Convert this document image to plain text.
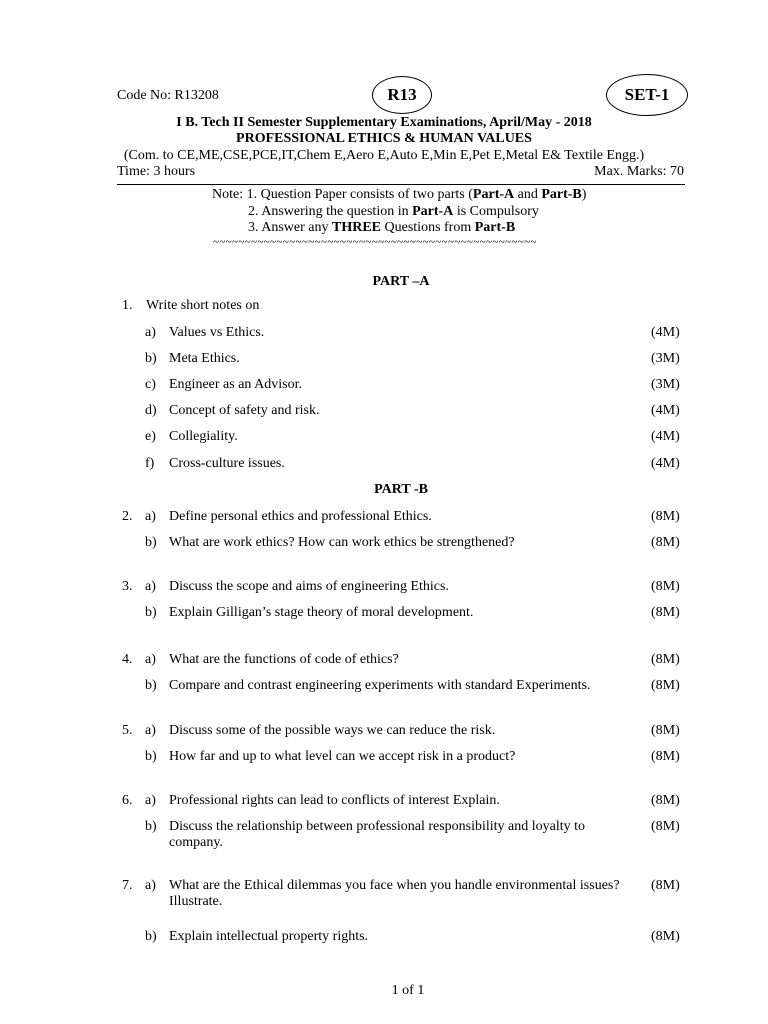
Code No: R13208	R13	SET-1
I B. Tech II Semester Supplementary Examinations, April/May - 2018
PROFESSIONAL ETHICS & HUMAN VALUES
(Com. to CE,ME,CSE,PCE,IT,Chem E,Aero E,Auto E,Min E,Pet E,Metal E& Textile Engg.)
Time: 3 hours	Max. Marks: 70
Note: 1. Question Paper consists of two parts (Part-A and Part-B)
2. Answering the question in Part-A is Compulsory
3. Answer any THREE Questions from Part-B
~~~~~~~~~~~~~~~~~~~~~~~~~~~~~~~~~~~~~~~~~~~~~~~~~~~
PART –A
1. Write short notes on
a) Values vs Ethics.	(4M)
b) Meta Ethics.	(3M)
c) Engineer as an Advisor.	(3M)
d) Concept of safety and risk.	(4M)
e) Collegiality.	(4M)
f) Cross-culture issues.	(4M)
PART -B
2. a) Define personal ethics and professional Ethics.	(8M)
b) What are work ethics? How can work ethics be strengthened?	(8M)
3. a) Discuss the scope and aims of engineering Ethics.	(8M)
b) Explain Gilligan’s stage theory of moral development.	(8M)
4. a) What are the functions of code of ethics?	(8M)
b) Compare and contrast engineering experiments with standard Experiments.	(8M)
5. a) Discuss some of the possible ways we can reduce the risk.	(8M)
b) How far and up to what level can we accept risk in a product?	(8M)
6. a) Professional rights can lead to conflicts of interest Explain.	(8M)
b) Discuss the relationship between professional responsibility and loyalty to company.
(8M)
7. a) What are the Ethical dilemmas you face when you handle environmental issues? Illustrate.
(8M)
b) Explain intellectual property rights.	(8M)
1 of 1
